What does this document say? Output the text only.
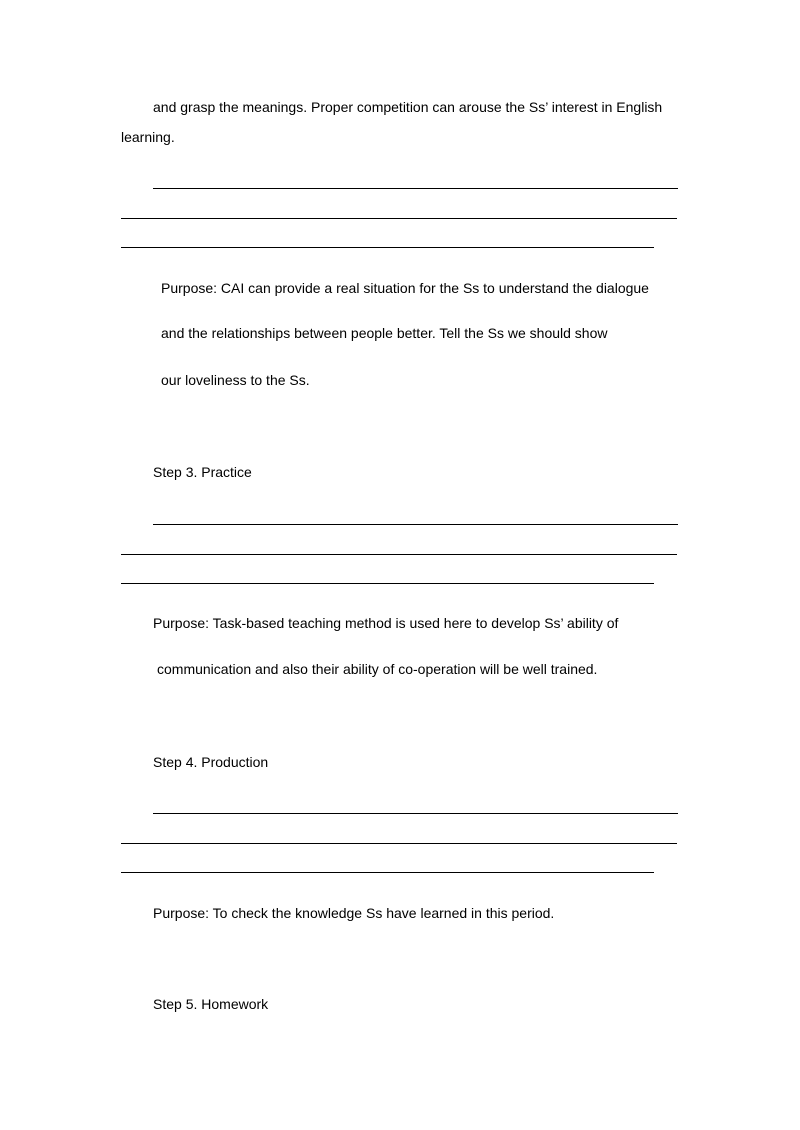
and grasp the meanings. Proper competition can arouse the Ss’ interest in English
learning.
Purpose: CAI can provide a real situation for the Ss to understand the dialogue
and the relationships between people better. Tell the Ss we should show
our loveliness to the Ss.
Step 3. Practice
Purpose: Task-based teaching method is used here to develop Ss’ ability of
communication and also their ability of co-operation will be well trained.
Step 4. Production
Purpose: To check the knowledge Ss have learned in this period.
Step 5. Homework
